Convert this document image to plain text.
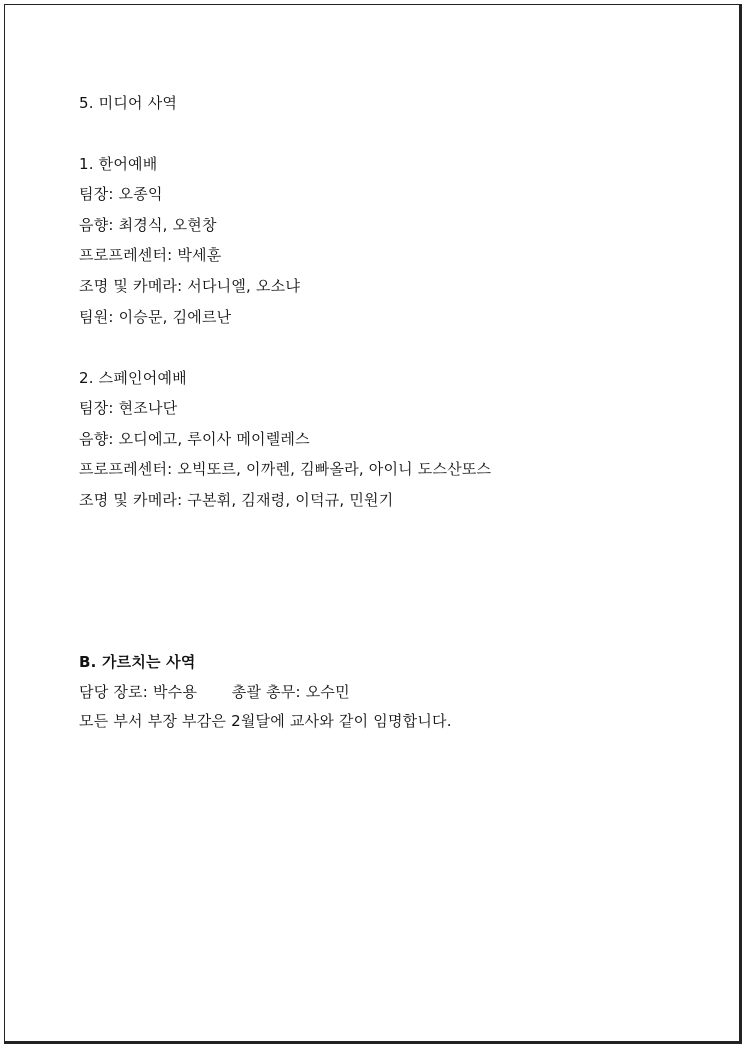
5. 미디어 사역
1. 한어예배
팀장: 오종익
음향: 최경식, 오현창
프로프레센터: 박세훈
조명 및 카메라: 서다니엘, 오소냐
팀원: 이승문, 김에르난
2. 스페인어예배
팀장: 현조나단
음향: 오디에고, 루이사 메이렐레스
프로프레센터: 오빅또르, 이까렌, 김빠올라, 아이니 도스산또스
조명 및 카메라: 구본휘, 김재령, 이덕규, 민원기
B. 가르치는 사역
담당 장로: 박수용       총괄 총무: 오수민
모든 부서 부장 부감은 2월달에 교사와 같이 임명합니다.
